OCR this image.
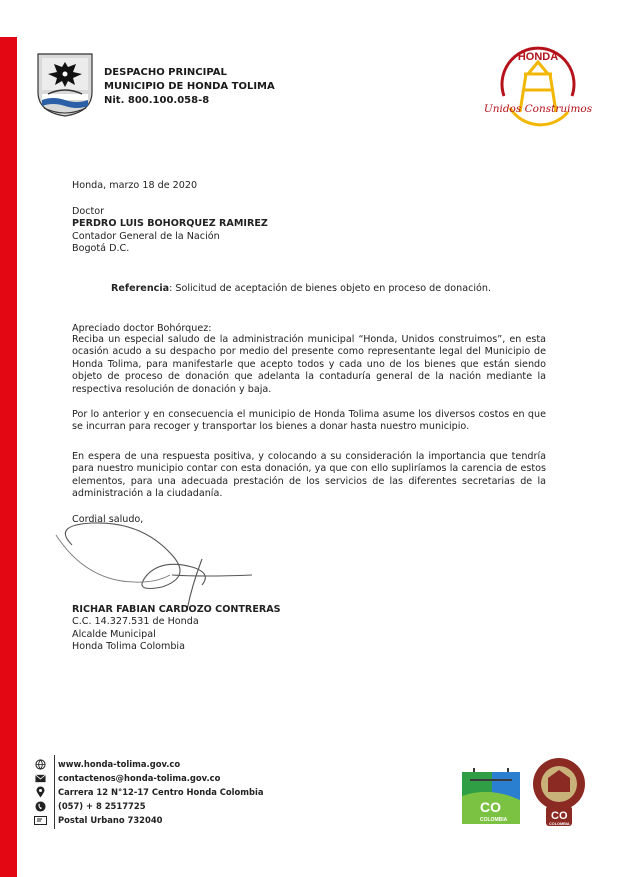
DESPACHO PRINCIPAL
MUNICIPIO DE HONDA TOLIMA
Nit. 800.100.058-8
HONDA
Unidos Construimos
Honda, marzo 18 de 2020
Doctor
PERDRO LUIS BOHORQUEZ RAMIREZ
Contador General de la Nación
Bogotá D.C.
Referencia: Solicitud de aceptación de bienes objeto en proceso de donación.
Apreciado doctor Bohórquez:
Reciba un especial saludo de la administración municipal “Honda, Unidos construimos”, en esta ocasión acudo a su despacho por medio del presente como representante legal del Municipio de Honda Tolima, para manifestarle que acepto todos y cada uno de los bienes que están siendo objeto de proceso de donación que adelanta la contaduría general de la nación mediante la respectiva resolución de donación y baja.
Por lo anterior y en consecuencia el municipio de Honda Tolima asume los diversos costos en que se incurran para recoger y transportar los bienes a donar hasta nuestro municipio.
En espera de una respuesta positiva, y colocando a su consideración la importancia que tendría para nuestro municipio contar con esta donación, ya que con ello supliríamos la carencia de estos elementos, para una adecuada prestación de los servicios de las diferentes secretarias de la administración a la ciudadanía.
Cordial saludo,
RICHAR FABIAN CARDOZO CONTRERAS
C.C. 14.327.531 de Honda
Alcalde Municipal
Honda Tolima Colombia
www.honda-tolima.gov.co
contactenos@honda-tolima.gov.co
Carrera 12 N°12-17 Centro Honda Colombia
(057) + 8 2517725
Postal Urbano 732040
CO
COLOMBIA	CO
COLOMBIA
